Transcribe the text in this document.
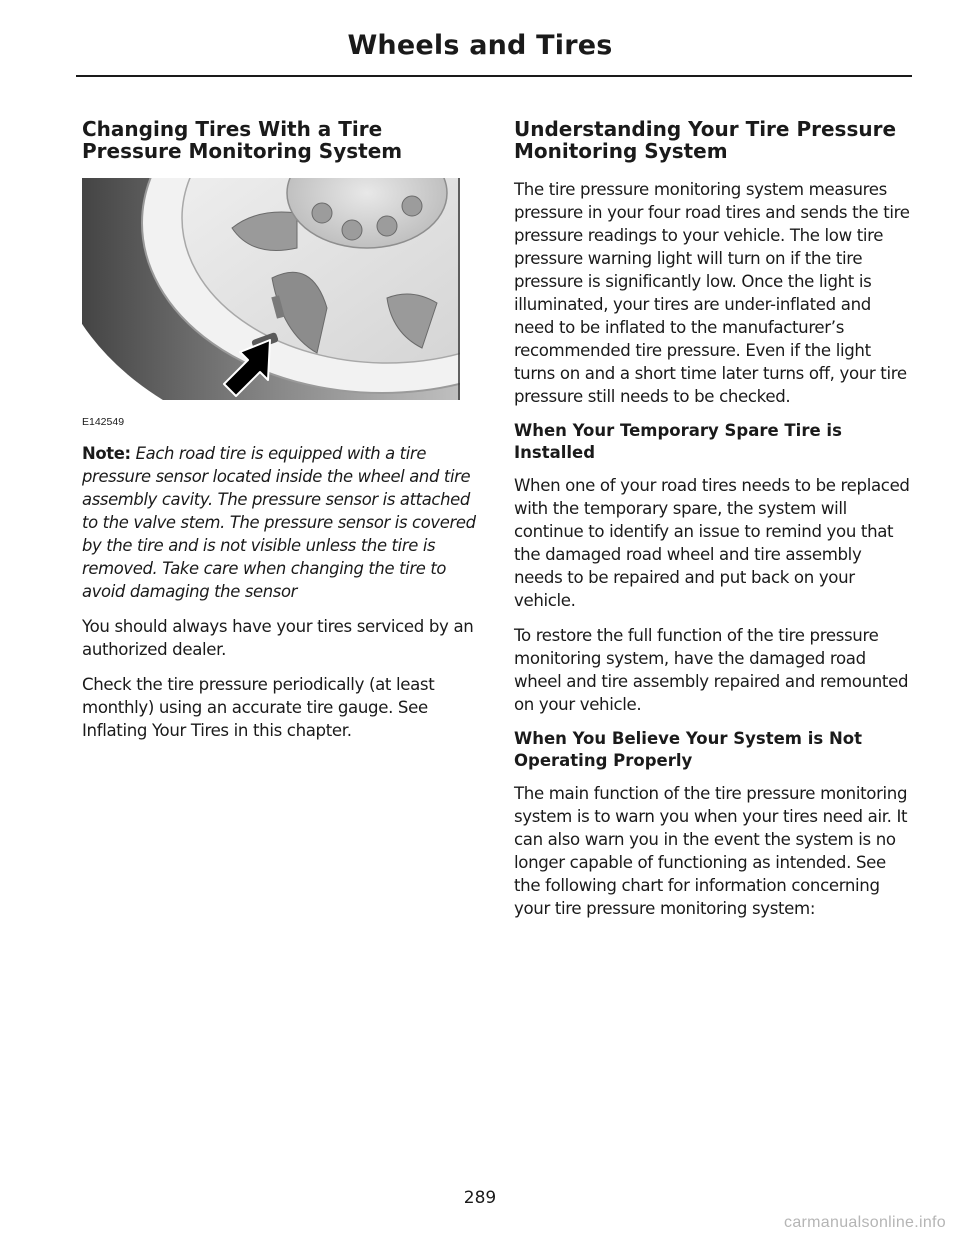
Wheels and Tires
Changing Tires With a Tire
Pressure Monitoring System
E142549

Note: Each road tire is equipped with a tire pressure sensor located inside the wheel and tire assembly cavity. The pressure sensor is attached to the valve stem. The pressure sensor is covered by the tire and is not visible unless the tire is removed. Take care when changing the tire to avoid damaging the sensor

You should always have your tires serviced by an authorized dealer.

Check the tire pressure periodically (at least monthly) using an accurate tire gauge. See Inflating Your Tires in this chapter.

Understanding Your Tire Pressure
Monitoring System

The tire pressure monitoring system measures pressure in your four road tires and sends the tire pressure readings to your vehicle. The low tire pressure warning light will turn on if the tire pressure is significantly low. Once the light is illuminated, your tires are under-inflated and need to be inflated to the manufacturer’s recommended tire pressure. Even if the light turns on and a short time later turns off, your tire pressure still needs to be checked.

When Your Temporary Spare Tire is
Installed

When one of your road tires needs to be replaced with the temporary spare, the system will continue to identify an issue to remind you that the damaged road wheel and tire assembly needs to be repaired and put back on your vehicle.

To restore the full function of the tire pressure monitoring system, have the damaged road wheel and tire assembly repaired and remounted on your vehicle.

When You Believe Your System is Not
Operating Properly

The main function of the tire pressure monitoring system is to warn you when your tires need air. It can also warn you in the event the system is no longer capable of functioning as intended. See the following chart for information concerning your tire pressure monitoring system:

289
carmanualsonline.info
